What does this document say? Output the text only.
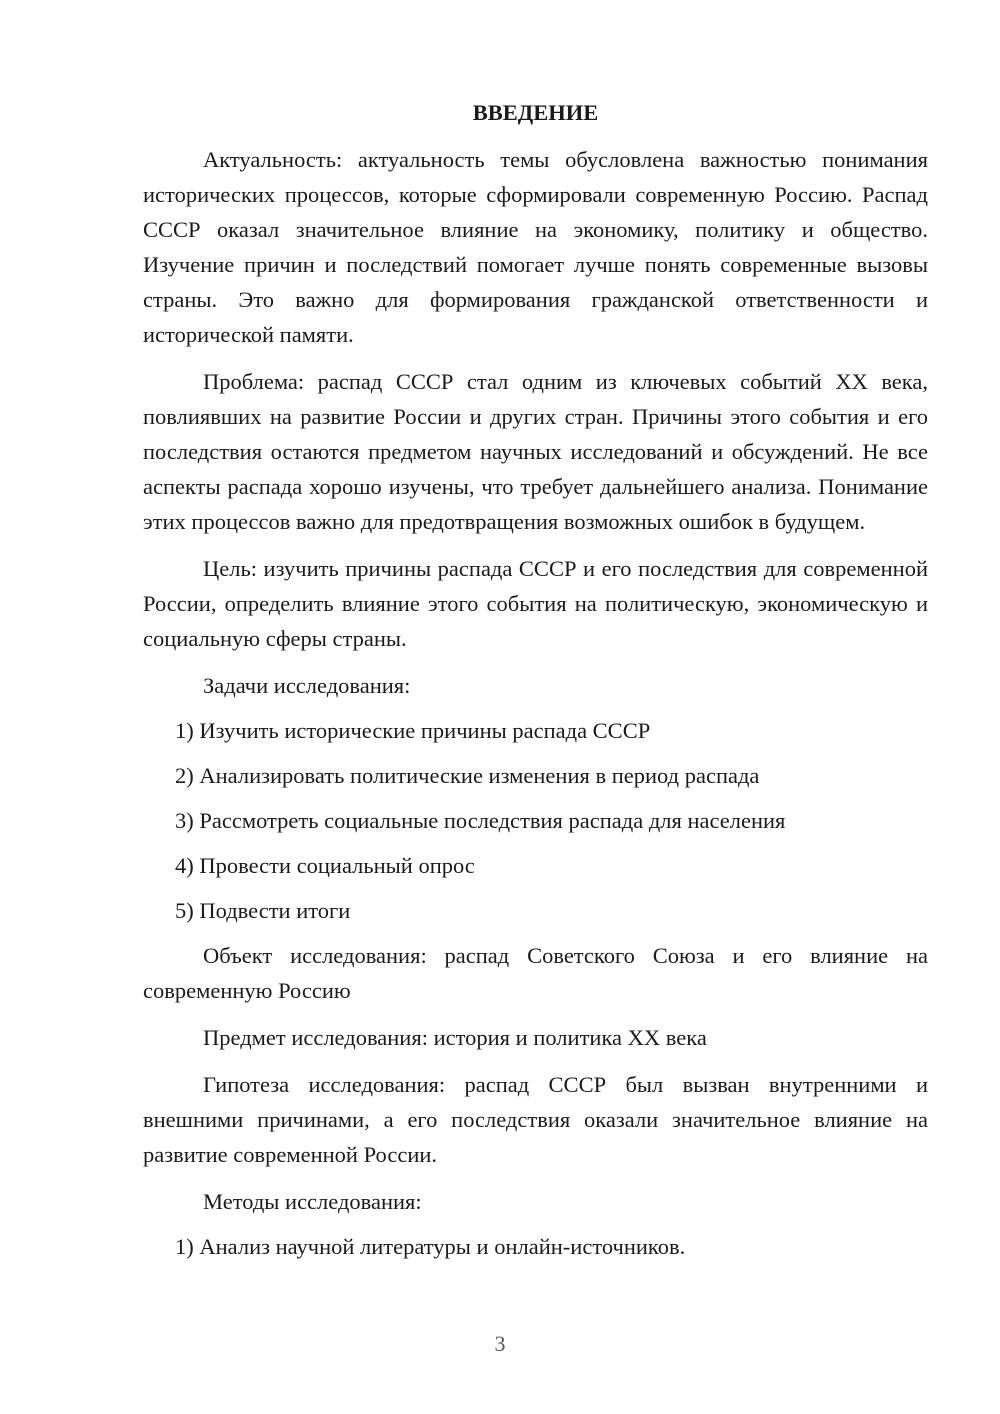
ВВЕДЕНИЕ

Актуальность: актуальность темы обусловлена важностью понимания исторических процессов, которые сформировали современную Россию. Распад СССР оказал значительное влияние на экономику, политику и общество. Изучение причин и последствий помогает лучше понять современные вызовы страны. Это важно для формирования гражданской ответственности и исторической памяти.

Проблема: распад СССР стал одним из ключевых событий XX века, повлиявших на развитие России и других стран. Причины этого события и его последствия остаются предметом научных исследований и обсуждений. Не все аспекты распада хорошо изучены, что требует дальнейшего анализа. Понимание этих процессов важно для предотвращения возможных ошибок в будущем.

Цель: изучить причины распада СССР и его последствия для современной России, определить влияние этого события на политическую, экономическую и социальную сферы страны.

Задачи исследования:

1) Изучить исторические причины распада СССР

2) Анализировать политические изменения в период распада

3) Рассмотреть социальные последствия распада для населения

4) Провести социальный опрос

5) Подвести итоги

Объект исследования: распад Советского Союза и его влияние на современную Россию

Предмет исследования: история и политика XX века

Гипотеза исследования: распад СССР был вызван внутренними и внешними причинами, а его последствия оказали значительное влияние на развитие современной России.

Методы исследования:

1) Анализ научной литературы и онлайн-источников.

3
